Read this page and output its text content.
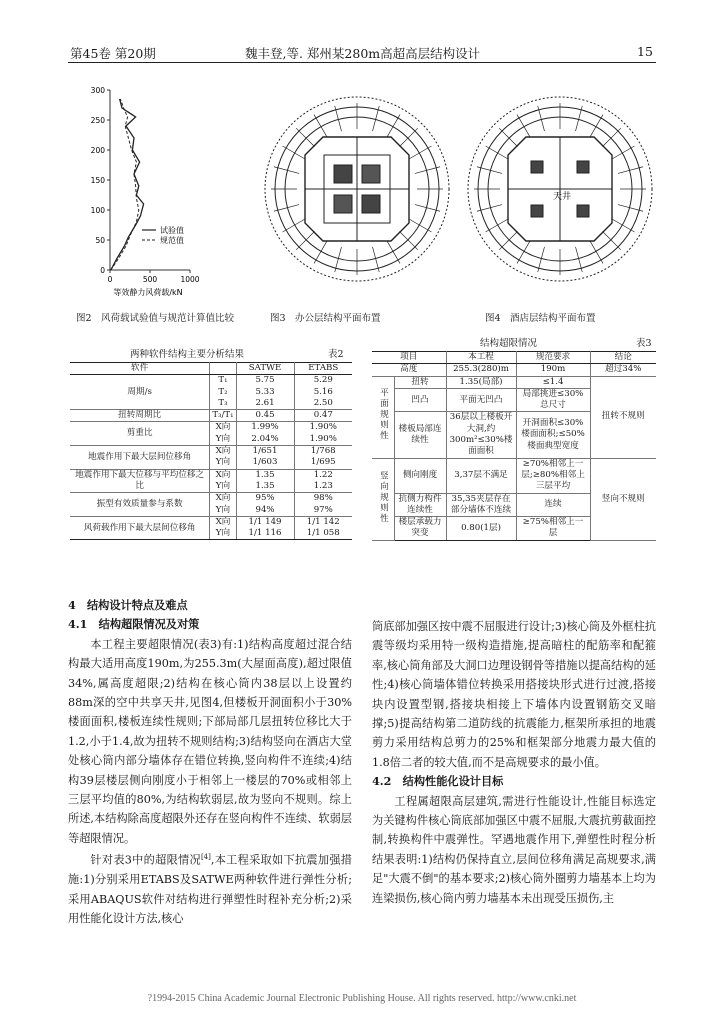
第45卷 第20期	魏丰登,等. 郑州某280m高超高层结构设计	15
300
250
200
150
100
50
0
0	500	1000
试验值
规范值
等效静力风荷载/kN
天井
图2　风荷载试验值与规范计算值比较	图3　办公层结构平面布置	图4　酒店层结构平面布置
两种软件结构主要分析结果	表2
软件		SATWE	ETABS
周期/s	T₁	5.75	5.29
	T₂	5.33	5.16
	T₃	2.61	2.50
扭转周期比	T₃/T₁	0.45	0.47
剪重比	X向	1.99%	1.90%
	Y向	2.04%	1.90%
地震作用下最大层间位移角	X向	1/651	1/768
	Y向	1/603	1/695
地震作用下最大位移与平均位移之比	X向	1.35	1.22
	Y向	1.35	1.23
振型有效质量参与系数	X向	95%	98%
	Y向	94%	97%
风荷载作用下最大层间位移角	X向	1/1 149	1/1 142
	Y向	1/1 116	1/1 058
结构超限情况	表3
项目		本工程	规范要求	结论
高度		255.3(280)m	190m	超过34%
平面规则性	扭转	1.35(局部)	≤1.4	扭转不规则
	凹凸	平面无凹凸	局部挑进≤30%总尺寸	
	楼板局部连续性	36层以上楼板开大洞,约300m²≤30%楼面面积	开洞面积≤30%楼面面积;≤50%楼面典型宽度	
竖向规则性	侧向刚度	3,37层不满足	≥70%相邻上一层;≥80%相邻上三层平均	竖向不规则
	抗侧力构件连续性	35,35夹层存在部分墙体不连续	连续	
	楼层承载力突变	0.80(1层)	≥75%相邻上一层	
4　结构设计特点及难点
4.1　结构超限情况及对策

本工程主要超限情况(表3)有:1)结构高度超过混合结构最大适用高度190m,为255.3m(大屋面高度),超过限值34%,属高度超限;2)结构在核心筒内38层以上设置约88m深的空中共享天井,见图4,但楼板开洞面积小于30%楼面面积,楼板连续性规则;下部局部几层扭转位移比大于1.2,小于1.4,故为扭转不规则结构;3)结构竖向在酒店大堂处核心筒内部分墙体存在错位转换,竖向构件不连续;4)结构39层楼层侧向刚度小于相邻上一楼层的70%或相邻上三层平均值的80%,为结构软弱层,故为竖向不规则。综上所述,本结构除高度超限外还存在竖向构件不连续、软弱层等超限情况。

针对表3中的超限情况[4],本工程采取如下抗震加强措施:1)分别采用ETABS及SATWE两种软件进行弹性分析;采用ABAQUS软件对结构进行弹塑性时程补充分析;2)采用性能化设计方法,核心

筒底部加强区按中震不屈服进行设计;3)核心筒及外框柱抗震等级均采用特一级构造措施,提高暗柱的配筋率和配箍率,核心筒角部及大洞口边理设钢骨等措施以提高结构的延性;4)核心筒墙体错位转换采用搭接块形式进行过渡,搭接块内设置型钢,搭接块相接上下墙体内设置钢筋交叉暗撑;5)提高结构第二道防线的抗震能力,框架所承担的地震剪力采用结构总剪力的25%和框架部分地震力最大值的1.8倍二者的较大值,而不是高规要求的最小值。

4.2　结构性能化设计目标

工程属超限高层建筑,需进行性能设计,性能目标选定为关键构件核心筒底部加强区中震不屈服,大震抗剪截面控制,转换构件中震弹性。罕遇地震作用下,弹塑性时程分析结果表明:1)结构仍保持直立,层间位移角满足高规要求,满足"大震不倒"的基本要求;2)核心筒外圈剪力墙基本上均为连梁损伤,核心筒内剪力墙基本未出现受压损伤,主

?1994-2015 China Academic Journal Electronic Publishing House. All rights reserved. http://www.cnki.net
